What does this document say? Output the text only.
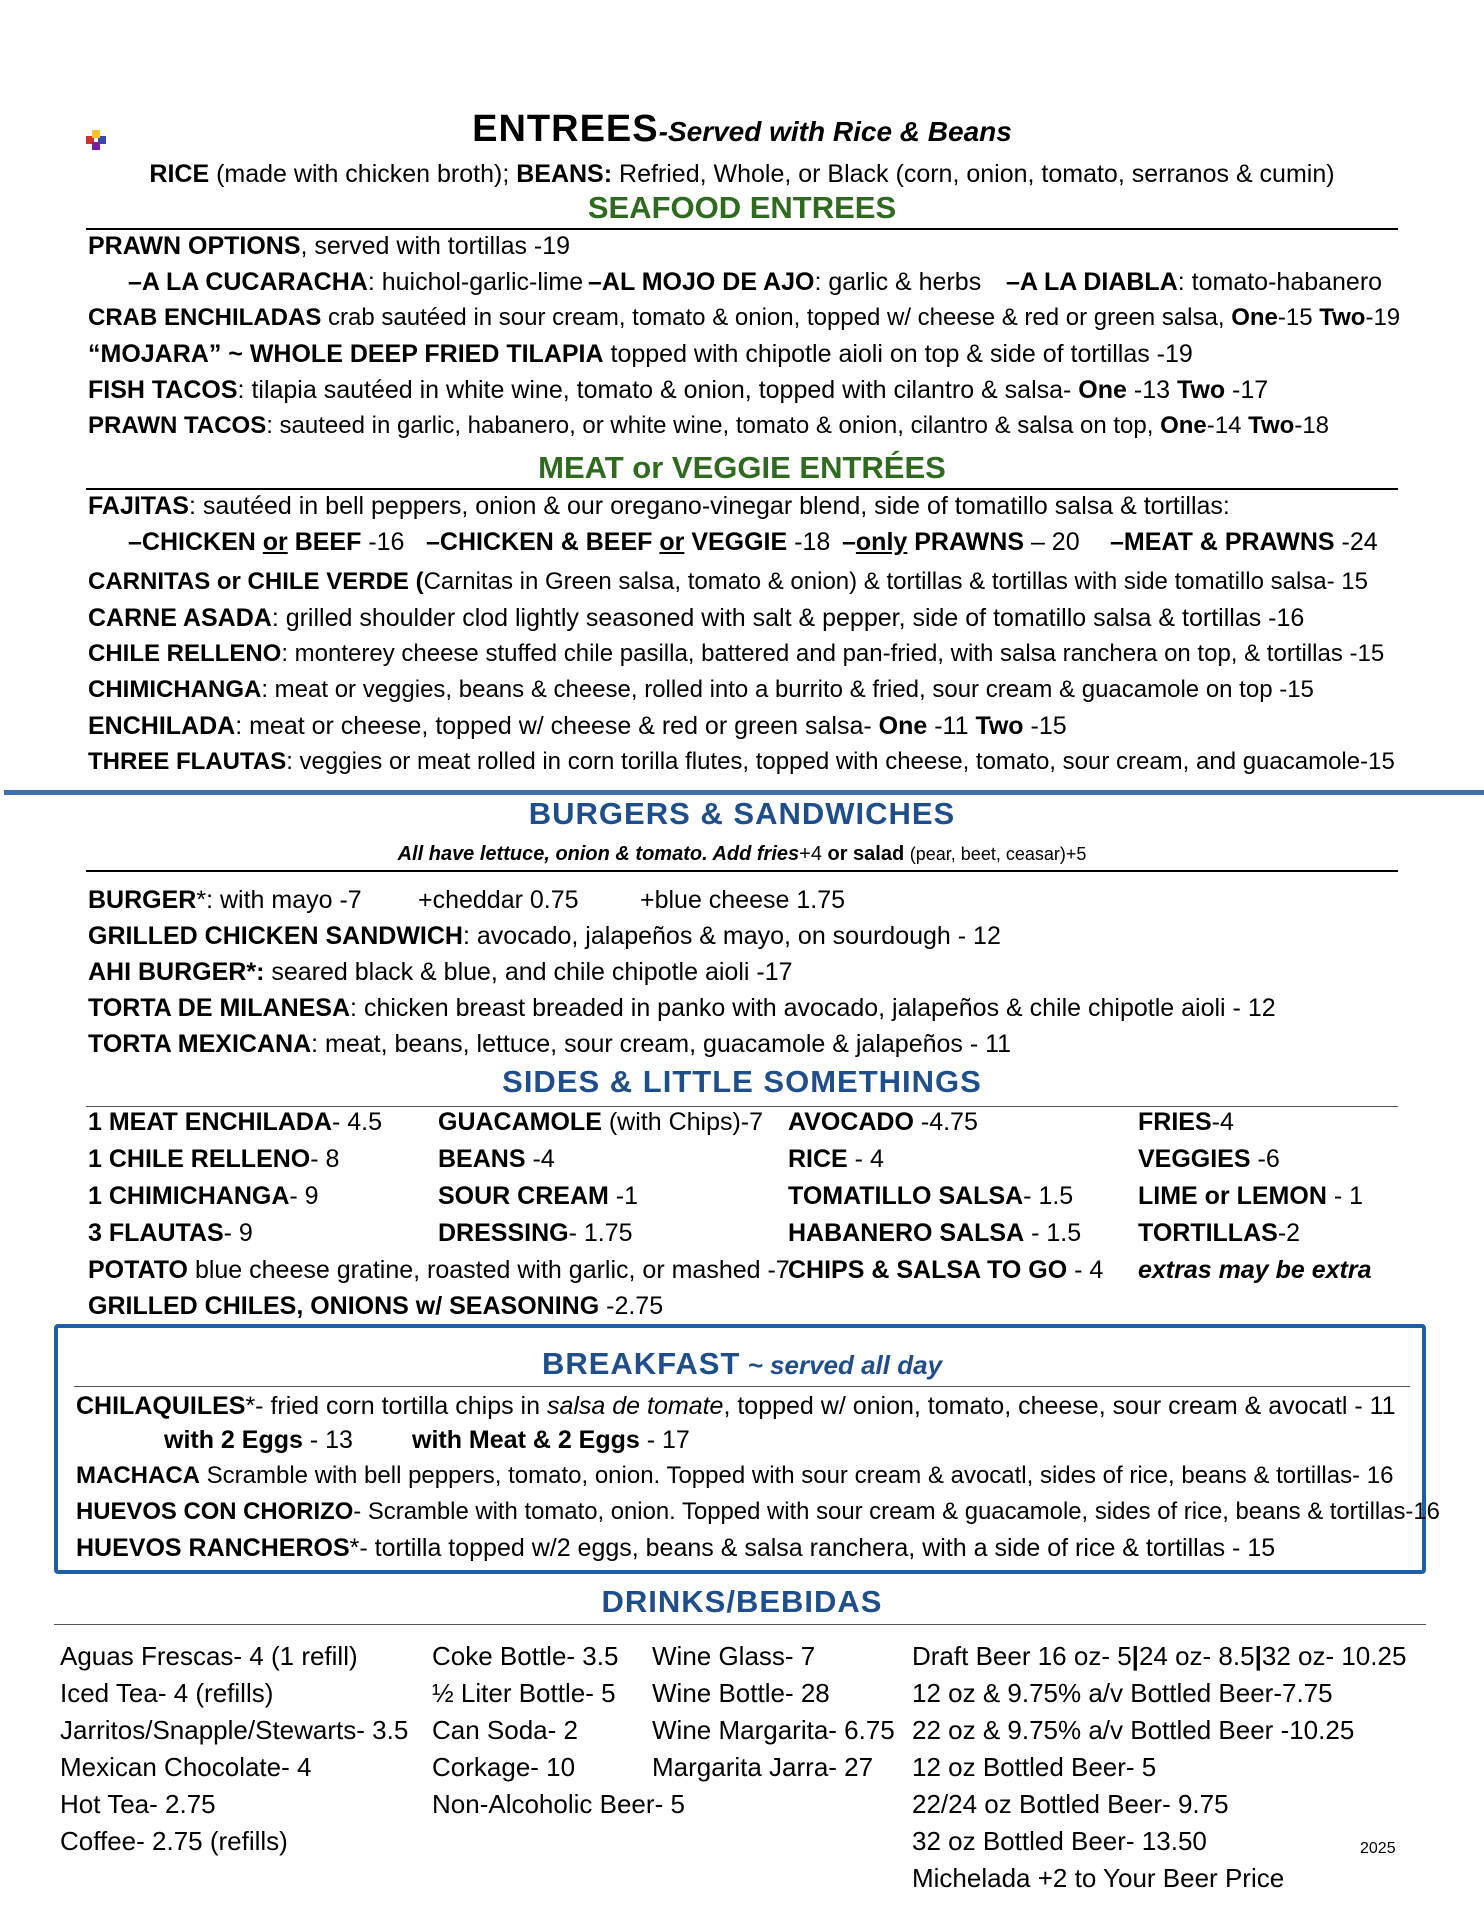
ENTREES-Served with Rice & Beans
RICE (made with chicken broth); BEANS: Refried, Whole, or Black (corn, onion, tomato, serranos & cumin)
SEAFOOD ENTREES
PRAWN OPTIONS, served with tortillas -19
–A LA CUCARACHA: huichol-garlic-lime –AL MOJO DE AJO: garlic & herbs –A LA DIABLA: tomato-habanero
CRAB ENCHILADAS crab sautéed in sour cream, tomato & onion, topped w/ cheese & red or green salsa, One-15 Two-19
“MOJARA” ~ WHOLE DEEP FRIED TILAPIA topped with chipotle aioli on top & side of tortillas -19
FISH TACOS: tilapia sautéed in white wine, tomato & onion, topped with cilantro & salsa- One -13 Two -17
PRAWN TACOS: sauteed in garlic, habanero, or white wine, tomato & onion, cilantro & salsa on top, One-14 Two-18
MEAT or VEGGIE ENTRÉES
FAJITAS: sautéed in bell peppers, onion & our oregano-vinegar blend, side of tomatillo salsa & tortillas:
–CHICKEN or BEEF -16 –CHICKEN & BEEF or VEGGIE -18 –only PRAWNS – 20 –MEAT & PRAWNS -24
CARNITAS or CHILE VERDE (Carnitas in Green salsa, tomato & onion) & tortillas & tortillas with side tomatillo salsa- 15
CARNE ASADA: grilled shoulder clod lightly seasoned with salt & pepper, side of tomatillo salsa & tortillas -16
CHILE RELLENO: monterey cheese stuffed chile pasilla, battered and pan-fried, with salsa ranchera on top, & tortillas -15
CHIMICHANGA: meat or veggies, beans & cheese, rolled into a burrito & fried, sour cream & guacamole on top -15
ENCHILADA: meat or cheese, topped w/ cheese & red or green salsa- One -11 Two -15
THREE FLAUTAS: veggies or meat rolled in corn torilla flutes, topped with cheese, tomato, sour cream, and guacamole-15
BURGERS & SANDWICHES
All have lettuce, onion & tomato. Add fries+4 or salad (pear, beet, ceasar)+5
BURGER*: with mayo -7 +cheddar 0.75 +blue cheese 1.75
GRILLED CHICKEN SANDWICH: avocado, jalapeños & mayo, on sourdough - 12
AHI BURGER*: seared black & blue, and chile chipotle aioli -17
TORTA DE MILANESA: chicken breast breaded in panko with avocado, jalapeños & chile chipotle aioli - 12
TORTA MEXICANA: meat, beans, lettuce, sour cream, guacamole & jalapeños - 11
SIDES & LITTLE SOMETHINGS
1 MEAT ENCHILADA- 4.5
1 CHILE RELLENO- 8
1 CHIMICHANGA- 9
3 FLAUTAS- 9
GUACAMOLE (with Chips)-7
BEANS -4
SOUR CREAM -1
DRESSING- 1.75
AVOCADO -4.75
RICE - 4
TOMATILLO SALSA- 1.5
HABANERO SALSA - 1.5
FRIES-4
VEGGIES -6
LIME or LEMON - 1
TORTILLAS-2
POTATO blue cheese gratine, roasted with garlic, or mashed -7
CHIPS & SALSA TO GO - 4 extras may be extra
GRILLED CHILES, ONIONS w/ SEASONING -2.75
BREAKFAST ~ served all day
CHILAQUILES*- fried corn tortilla chips in salsa de tomate, topped w/ onion, tomato, cheese, sour cream & avocatl - 11
with 2 Eggs - 13 with Meat & 2 Eggs - 17
MACHACA Scramble with bell peppers, tomato, onion. Topped with sour cream & avocatl, sides of rice, beans & tortillas- 16
HUEVOS CON CHORIZO- Scramble with tomato, onion. Topped with sour cream & guacamole, sides of rice, beans & tortillas-16
HUEVOS RANCHEROS*- tortilla topped w/2 eggs, beans & salsa ranchera, with a side of rice & tortillas - 15
DRINKS/BEBIDAS
Aguas Frescas- 4 (1 refill)
Iced Tea- 4 (refills)
Jarritos/Snapple/Stewarts- 3.5
Mexican Chocolate- 4
Hot Tea- 2.75
Coffee- 2.75 (refills)
Coke Bottle- 3.5
½ Liter Bottle- 5
Can Soda- 2
Corkage- 10
Non-Alcoholic Beer- 5
Wine Glass- 7
Wine Bottle- 28
Wine Margarita- 6.75
Margarita Jarra- 27
Draft Beer 16 oz- 5|24 oz- 8.5|32 oz- 10.25
12 oz & 9.75% a/v Bottled Beer-7.75
22 oz & 9.75% a/v Bottled Beer -10.25
12 oz Bottled Beer- 5
22/24 oz Bottled Beer- 9.75
32 oz Bottled Beer- 13.50
Michelada +2 to Your Beer Price
2025
